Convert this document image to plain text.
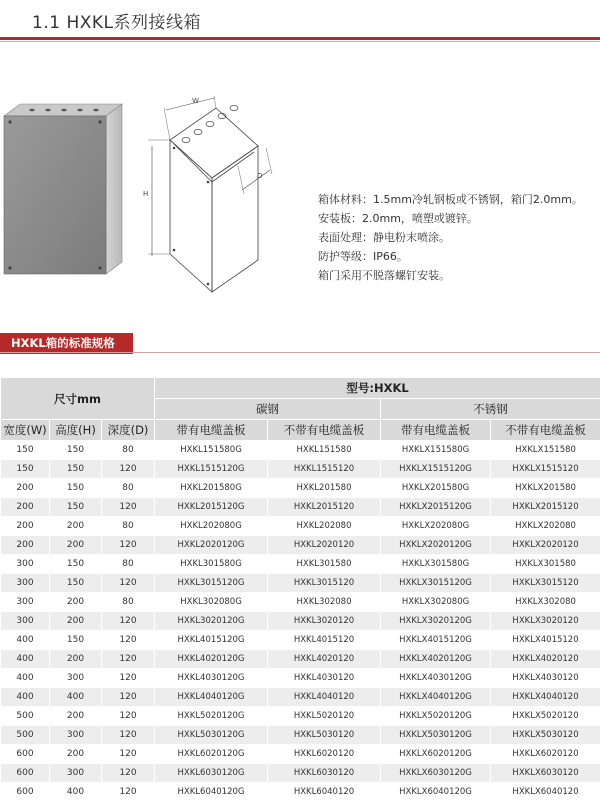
1.1 HXKL系列接线箱
W
H
D
箱体材料：1.5mm冷轧钢板或不锈钢，箱门2.0mm。
安装板：2.0mm，喷塑或镀锌。
表面处理：静电粉末喷涂。
防护等级：IP66。
箱门采用不脱落螺钉安装。
HXKL箱的标准规格
尺寸mm			型号:HXKL			
			碳钢		不锈钢	
宽度(W)	高度(H)	深度(D)	带有电缆盖板	不带有电缆盖板	带有电缆盖板	不带有电缆盖板
150	150	80	HXKL151580G	HXKL151580	HXKLX151580G	HXKLX151580
150	150	120	HXKL1515120G	HXKL1515120	HXKLX1515120G	HXKLX1515120
200	150	80	HXKL201580G	HXKL201580	HXKLX201580G	HXKLX201580
200	150	120	HXKL2015120G	HXKL2015120	HXKLX2015120G	HXKLX2015120
200	200	80	HXKL202080G	HXKL202080	HXKLX202080G	HXKLX202080
200	200	120	HXKL2020120G	HXKL2020120	HXKLX2020120G	HXKLX2020120
300	150	80	HXKL301580G	HXKL301580	HXKLX301580G	HXKLX301580
300	150	120	HXKL3015120G	HXKL3015120	HXKLX3015120G	HXKLX3015120
300	200	80	HXKL302080G	HXKL302080	HXKLX302080G	HXKLX302080
300	200	120	HXKL3020120G	HXKL3020120	HXKLX3020120G	HXKLX3020120
400	150	120	HXKL4015120G	HXKL4015120	HXKLX4015120G	HXKLX4015120
400	200	120	HXKL4020120G	HXKL4020120	HXKLX4020120G	HXKLX4020120
400	300	120	HXKL4030120G	HXKL4030120	HXKLX4030120G	HXKLX4030120
400	400	120	HXKL4040120G	HXKL4040120	HXKLX4040120G	HXKLX4040120
500	200	120	HXKL5020120G	HXKL5020120	HXKLX5020120G	HXKLX5020120
500	300	120	HXKL5030120G	HXKL5030120	HXKLX5030120G	HXKLX5030120
600	200	120	HXKL6020120G	HXKL6020120	HXKLX6020120G	HXKLX6020120
600	300	120	HXKL6030120G	HXKL6030120	HXKLX6030120G	HXKLX6030120
600	400	120	HXKL6040120G	HXKL6040120	HXKLX6040120G	HXKLX6040120
